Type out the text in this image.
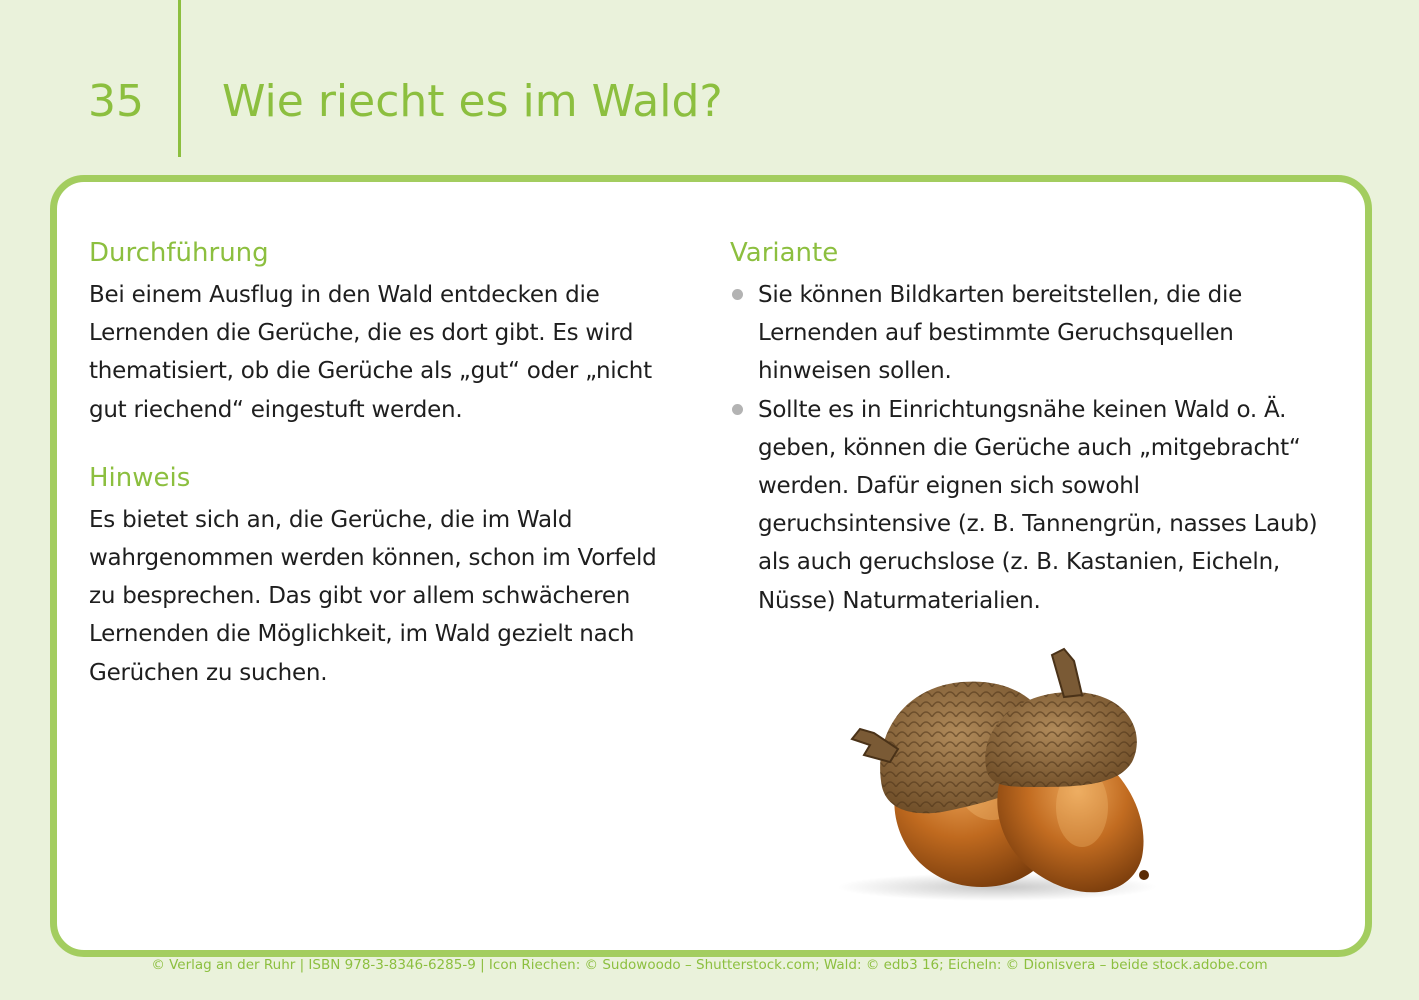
35 Wie riecht es im Wald?
Durchführung

Bei einem Ausflug in den Wald entdecken die Lernenden die Gerüche, die es dort gibt. Es wird thematisiert, ob die Gerüche als „gut“ oder „nicht gut riechend“ eingestuft werden.

Hinweis

Es bietet sich an, die Gerüche, die im Wald wahrgenommen werden können, schon im Vorfeld zu besprechen. Das gibt vor allem schwächeren Lernenden die Möglichkeit, im Wald gezielt nach Gerüchen zu suchen.

Variante
Sie können Bildkarten bereitstellen, die die Lernenden auf bestimmte Geruchsquellen hinweisen sollen.
Sollte es in Einrichtungsnähe keinen Wald o. Ä. geben, können die Gerüche auch „mitgebracht“ werden. Dafür eignen sich sowohl geruchsintensive (z. B. Tannengrün, nasses Laub) als auch geruchslose (z. B. Kastanien, Eicheln, Nüsse) Naturmaterialien.
© Verlag an der Ruhr | ISBN 978-3-8346-6285-9 | Icon Riechen: © Sudowoodo – Shutterstock.com; Wald: © edb3 16; Eicheln: © Dionisvera – beide stock.adobe.com
